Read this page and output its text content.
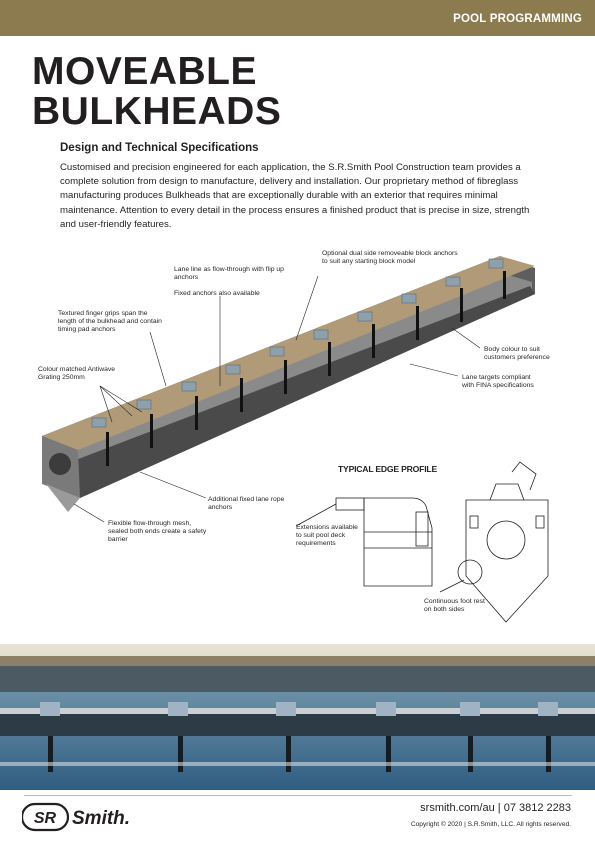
POOL PROGRAMMING
MOVEABLE
BULKHEADS
Design and Technical Specifications
Customised and precision engineered for each application, the S.R.Smith Pool Construction team provides a complete solution from design to manufacture, delivery and installation. Our proprietary method of fibreglass manufacturing produces Bulkheads that are exceptionally durable with an exterior that requires minimal maintenance. Attention to every detail in the process ensures a finished product that is precise in size, strength and user-friendly features.
Optional dual side removeable block anchors to suit any starting block model
Lane line as flow-through with flip up anchors
Fixed anchors also available
Textured finger grips span the length of the bulkhead and contain timing pad anchors
Body colour to suit customers preference
Colour matched Antiwave Grating 250mm	Lane targets compliant with FINA specifications
Additional fixed lane rope anchors
Flexible flow-through mesh, sealed both ends create a safety barrier
TYPICAL EDGE PROFILE
Extensions available to suit pool deck requirements
Continuous foot rest on both sides
SR Smith.	srsmith.com/au | 07 3812 2283
Copyright © 2020 | S.R.Smith, LLC. All rights reserved.
